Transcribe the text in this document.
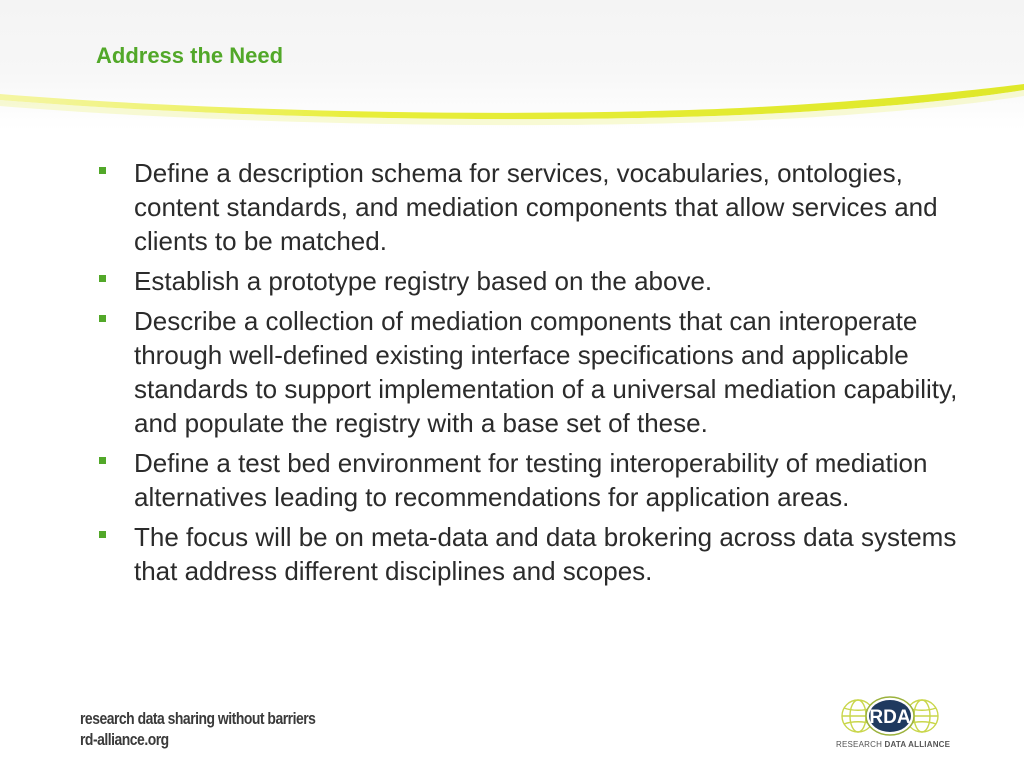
Address the Need
Define a description schema for services, vocabularies, ontologies, content standards, and mediation components that allow services and clients to be matched.
Establish a prototype registry based on the above.
Describe a collection of mediation components that can interoperate through well-defined existing interface specifications and applicable standards to support implementation of a universal mediation capability, and populate the registry with a base set of these.
Define a test bed environment for testing interoperability of mediation alternatives leading to recommendations for application areas.
The focus will be on meta-data and data brokering across data systems that address different disciplines and scopes.
research data sharing without barriers
rd-alliance.org
RDA
RESEARCH DATA ALLIANCE
